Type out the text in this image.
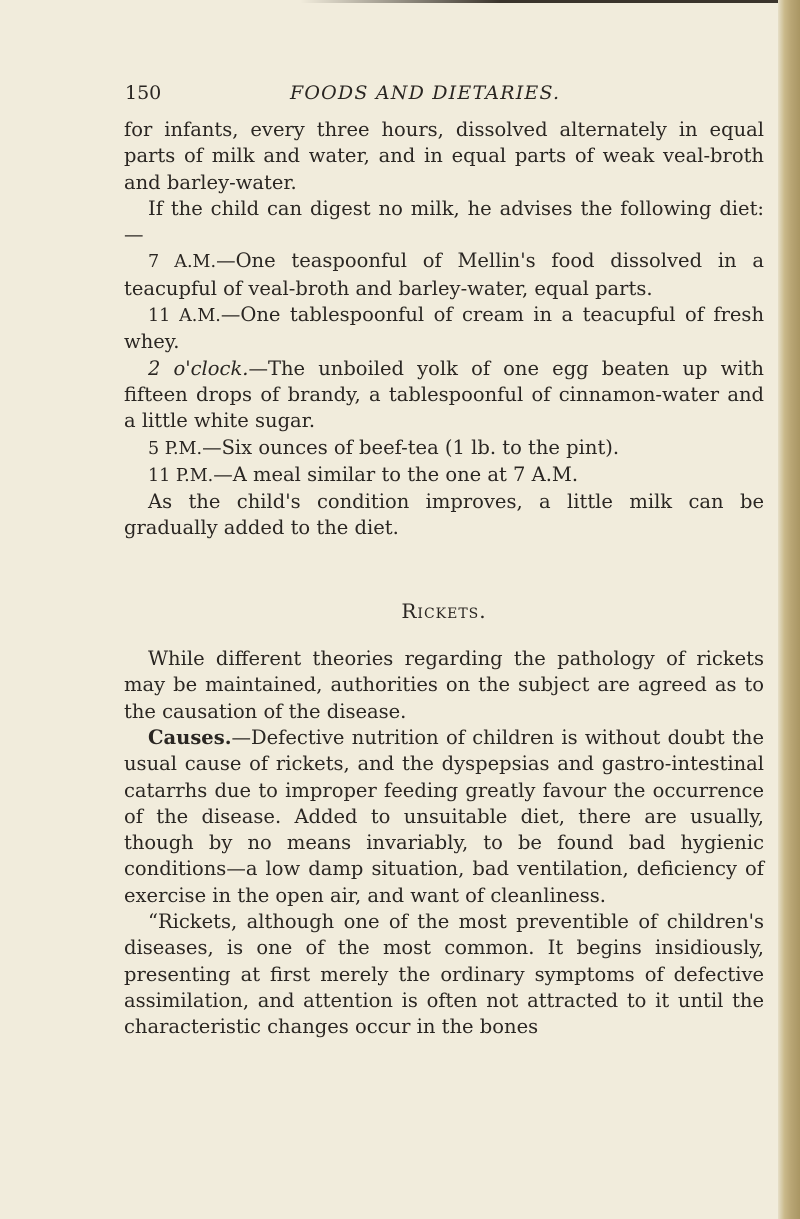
150	FOODS AND DIETARIES.

for infants, every three hours, dissolved alternately in equal parts of milk and water, and in equal parts of weak veal-broth and barley-water.

If the child can digest no milk, he advises the following diet:—

7 A.M.—One teaspoonful of Mellin's food dissolved in a teacupful of veal-broth and barley-water, equal parts.

11 A.M.—One tablespoonful of cream in a teacupful of fresh whey.

2 o'clock.—The unboiled yolk of one egg beaten up with fifteen drops of brandy, a tablespoonful of cinnamon-water and a little white sugar.

5 P.M.—Six ounces of beef-tea (1 lb. to the pint).

11 P.M.—A meal similar to the one at 7 A.M.

As the child's condition improves, a little milk can be gradually added to the diet.

Rickets.

While different theories regarding the pathology of rickets may be maintained, authorities on the subject are agreed as to the causation of the disease.

Causes.—Defective nutrition of children is without doubt the usual cause of rickets, and the dyspepsias and gastro-intestinal catarrhs due to improper feeding greatly favour the occurrence of the disease. Added to unsuitable diet, there are usually, though by no means invariably, to be found bad hygienic conditions—a low damp situation, bad ventilation, deficiency of exercise in the open air, and want of cleanliness.

“Rickets, although one of the most preventible of children's diseases, is one of the most common. It begins insidiously, presenting at first merely the ordinary symptoms of defective assimilation, and attention is often not attracted to it until the characteristic changes occur in the bones
